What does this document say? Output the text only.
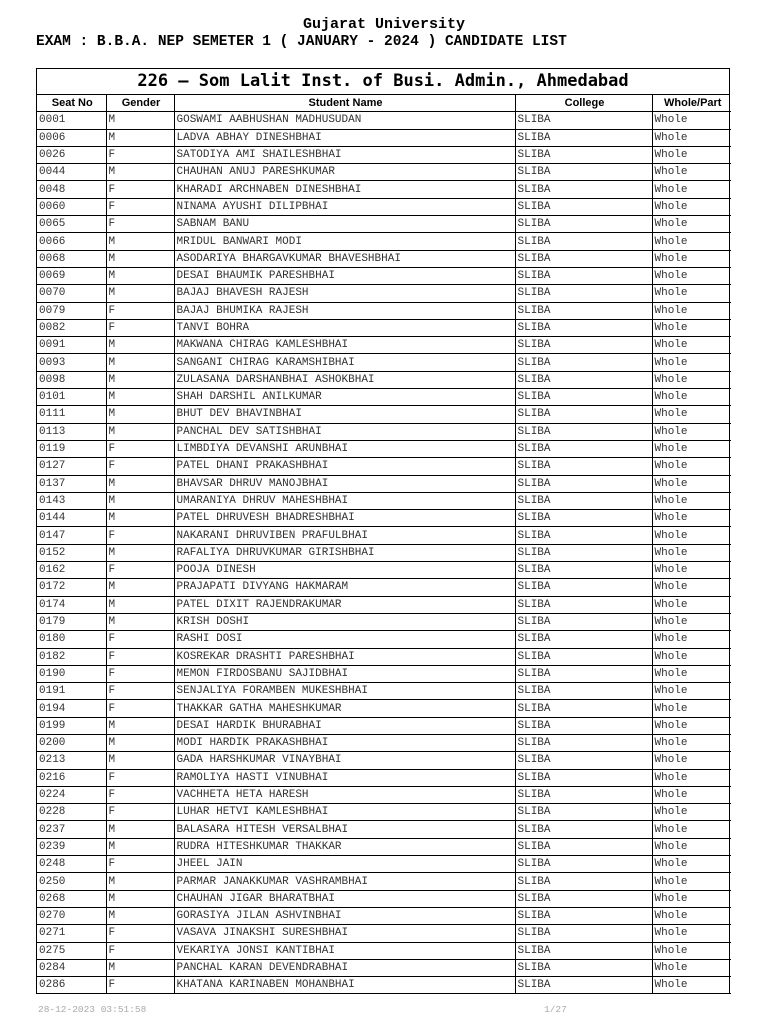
Gujarat University
EXAM : B.B.A. NEP SEMETER 1 ( JANUARY - 2024 ) CANDIDATE LIST
226 – Som Lalit Inst. of Busi. Admin., Ahmedabad
Seat No	Gender	Student Name	College	Whole/Part
0001	M	GOSWAMI AABHUSHAN MADHUSUDAN	SLIBA	Whole
0006	M	LADVA ABHAY DINESHBHAI	SLIBA	Whole
0026	F	SATODIYA AMI SHAILESHBHAI	SLIBA	Whole
0044	M	CHAUHAN ANUJ PARESHKUMAR	SLIBA	Whole
0048	F	KHARADI ARCHNABEN DINESHBHAI	SLIBA	Whole
0060	F	NINAMA AYUSHI DILIPBHAI	SLIBA	Whole
0065	F	SABNAM BANU	SLIBA	Whole
0066	M	MRIDUL BANWARI MODI	SLIBA	Whole
0068	M	ASODARIYA BHARGAVKUMAR BHAVESHBHAI	SLIBA	Whole
0069	M	DESAI BHAUMIK PARESHBHAI	SLIBA	Whole
0070	M	BAJAJ BHAVESH RAJESH	SLIBA	Whole
0079	F	BAJAJ BHUMIKA RAJESH	SLIBA	Whole
0082	F	TANVI BOHRA	SLIBA	Whole
0091	M	MAKWANA CHIRAG KAMLESHBHAI	SLIBA	Whole
0093	M	SANGANI CHIRAG KARAMSHIBHAI	SLIBA	Whole
0098	M	ZULASANA DARSHANBHAI ASHOKBHAI	SLIBA	Whole
0101	M	SHAH DARSHIL ANILKUMAR	SLIBA	Whole
0111	M	BHUT DEV BHAVINBHAI	SLIBA	Whole
0113	M	PANCHAL DEV SATISHBHAI	SLIBA	Whole
0119	F	LIMBDIYA DEVANSHI ARUNBHAI	SLIBA	Whole
0127	F	PATEL DHANI PRAKASHBHAI	SLIBA	Whole
0137	M	BHAVSAR DHRUV MANOJBHAI	SLIBA	Whole
0143	M	UMARANIYA DHRUV MAHESHBHAI	SLIBA	Whole
0144	M	PATEL DHRUVESH BHADRESHBHAI	SLIBA	Whole
0147	F	NAKARANI DHRUVIBEN PRAFULBHAI	SLIBA	Whole
0152	M	RAFALIYA DHRUVKUMAR GIRISHBHAI	SLIBA	Whole
0162	F	POOJA DINESH	SLIBA	Whole
0172	M	PRAJAPATI DIVYANG HAKMARAM	SLIBA	Whole
0174	M	PATEL DIXIT RAJENDRAKUMAR	SLIBA	Whole
0179	M	KRISH DOSHI	SLIBA	Whole
0180	F	RASHI DOSI	SLIBA	Whole
0182	F	KOSREKAR DRASHTI PARESHBHAI	SLIBA	Whole
0190	F	MEMON FIRDOSBANU SAJIDBHAI	SLIBA	Whole
0191	F	SENJALIYA FORAMBEN MUKESHBHAI	SLIBA	Whole
0194	F	THAKKAR GATHA MAHESHKUMAR	SLIBA	Whole
0199	M	DESAI HARDIK BHURABHAI	SLIBA	Whole
0200	M	MODI HARDIK PRAKASHBHAI	SLIBA	Whole
0213	M	GADA HARSHKUMAR VINAYBHAI	SLIBA	Whole
0216	F	RAMOLIYA HASTI VINUBHAI	SLIBA	Whole
0224	F	VACHHETA HETA HARESH	SLIBA	Whole
0228	F	LUHAR HETVI KAMLESHBHAI	SLIBA	Whole
0237	M	BALASARA HITESH VERSALBHAI	SLIBA	Whole
0239	M	RUDRA HITESHKUMAR THAKKAR	SLIBA	Whole
0248	F	JHEEL JAIN	SLIBA	Whole
0250	M	PARMAR JANAKKUMAR VASHRAMBHAI	SLIBA	Whole
0268	M	CHAUHAN JIGAR BHARATBHAI	SLIBA	Whole
0270	M	GORASIYA JILAN ASHVINBHAI	SLIBA	Whole
0271	F	VASAVA JINAKSHI SURESHBHAI	SLIBA	Whole
0275	F	VEKARIYA JONSI KANTIBHAI	SLIBA	Whole
0284	M	PANCHAL KARAN DEVENDRABHAI	SLIBA	Whole
0286	F	KHATANA KARINABEN MOHANBHAI	SLIBA	Whole
28-12-2023 03:51:58	1/27
